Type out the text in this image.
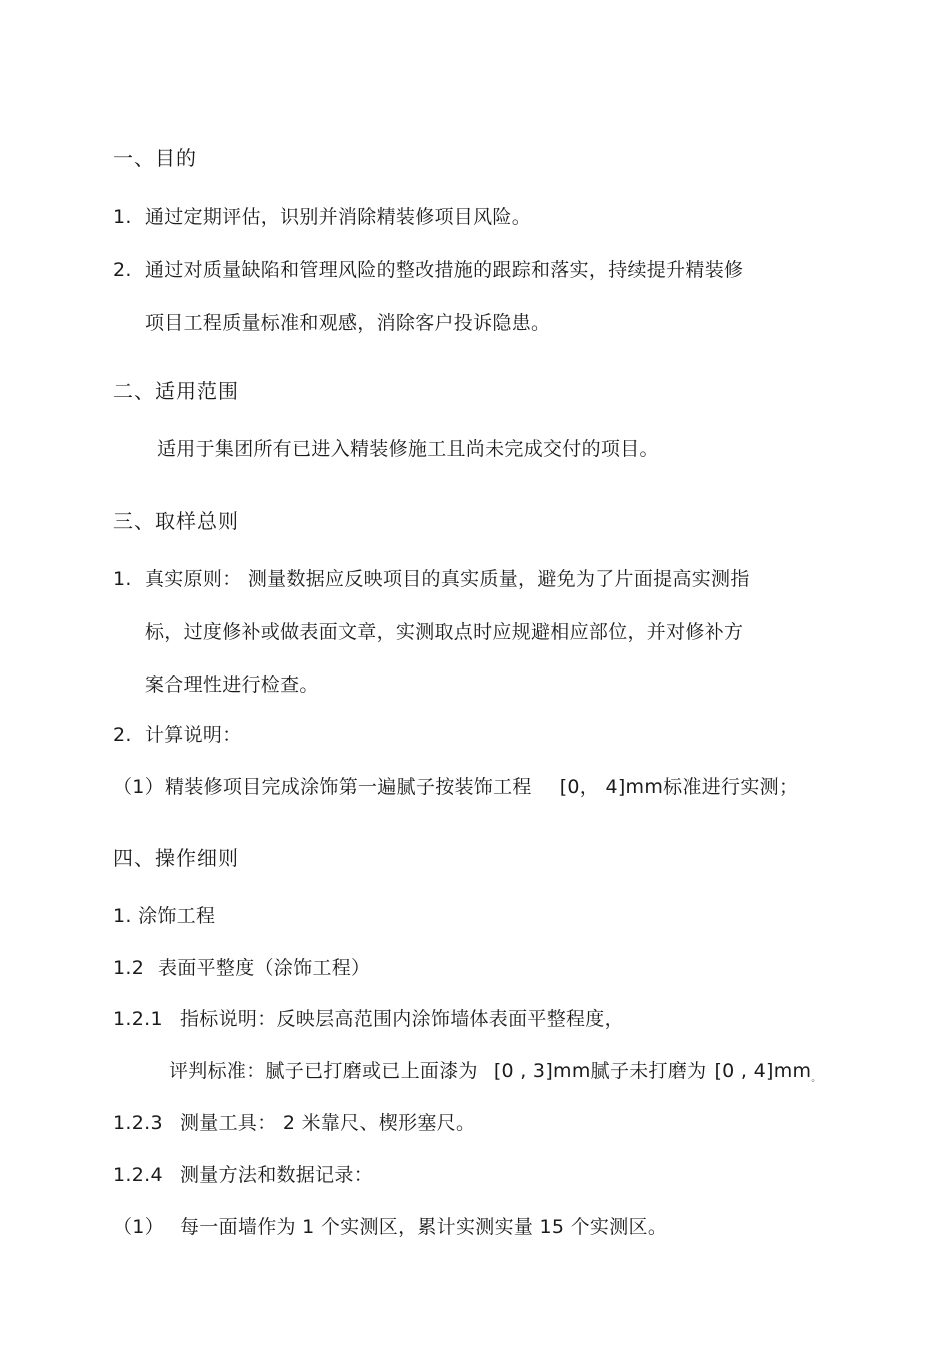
一、目的
1. 通过定期评估，识别并消除精装修项目风险。
2. 通过对质量缺陷和管理风险的整改措施的跟踪和落实，持续提升精装修
项目工程质量标准和观感，消除客户投诉隐患。
二、适用范围
适用于集团所有已进入精装修施工且尚未完成交付的项目。
三、取样总则
1. 真实原则： 测量数据应反映项目的真实质量，避免为了片面提高实测指
标，过度修补或做表面文章，实测取点时应规避相应部位，并对修补方
案合理性进行检查。
2. 计算说明：
（1）精装修项目完成涂饰第一遍腻子按装饰工程 [0， 4]mm标准进行实测；
四、操作细则
1. 涂饰工程
1.2 表面平整度（涂饰工程）
1.2.1 指标说明：反映层高范围内涂饰墙体表面平整程度，
评判标准：腻子已打磨或已上面漆为 [0 , 3]mm腻子未打磨为 [0 , $4]mm_。$
1.2.3 测量工具： 2 米靠尺、楔形塞尺。
1.2.4 测量方法和数据记录：
（1） 每一面墙作为 1 个实测区，累计实测实量 15 个实测区。
